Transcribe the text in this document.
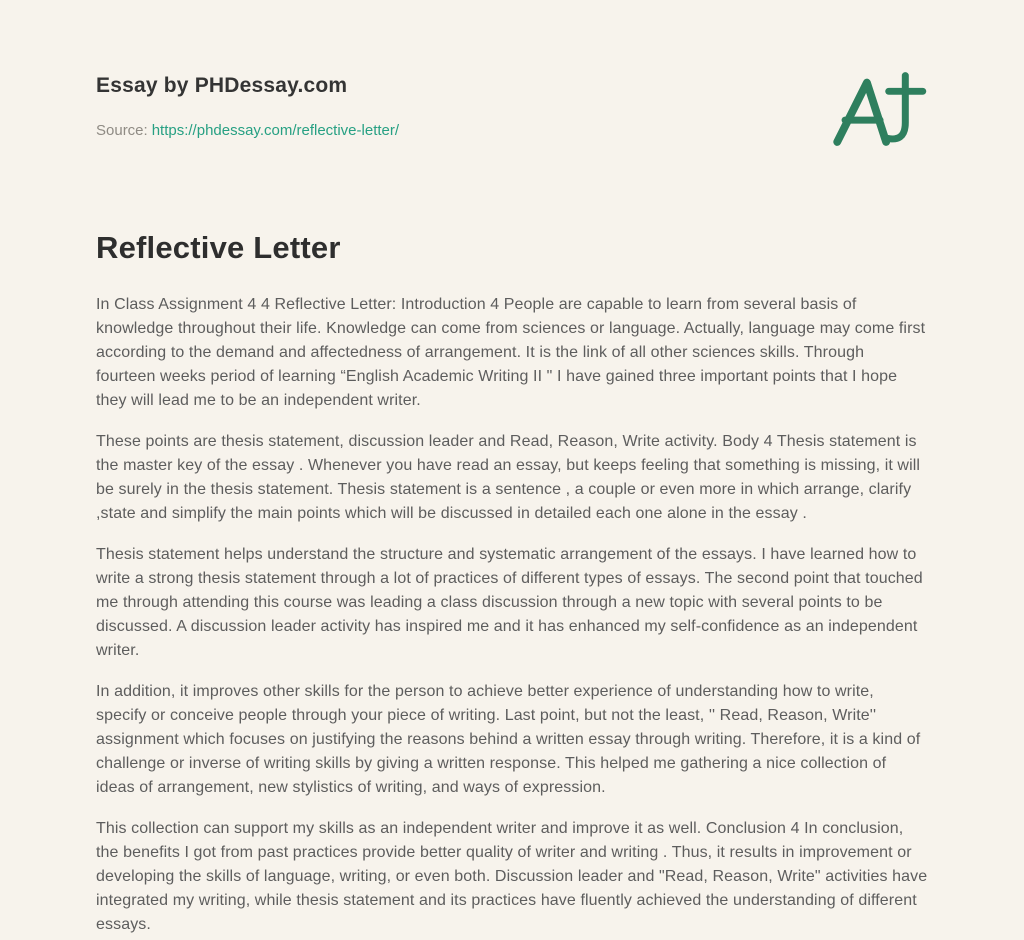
Essay by PHDessay.com

Source: https://phdessay.com/reflective-letter/

Reflective Letter

In Class Assignment 4 4 Reflective Letter: Introduction 4 People are capable to learn from several basis of knowledge throughout their life. Knowledge can come from sciences or language. Actually, language may come first according to the demand and affectedness of arrangement. It is the link of all other sciences skills. Through fourteen weeks period of learning “English Academic Writing II " I have gained three important points that I hope they will lead me to be an independent writer.

These points are thesis statement, discussion leader and Read, Reason, Write activity. Body 4 Thesis statement is the master key of the essay . Whenever you have read an essay, but keeps feeling that something is missing, it will be surely in the thesis statement. Thesis statement is a sentence , a couple or even more in which arrange, clarify ,state and simplify the main points which will be discussed in detailed each one alone in the essay .

Thesis statement helps understand the structure and systematic arrangement of the essays. I have learned how to write a strong thesis statement through a lot of practices of different types of essays. The second point that touched me through attending this course was leading a class discussion through a new topic with several points to be discussed. A discussion leader activity has inspired me and it has enhanced my self-confidence as an independent writer.

In addition, it improves other skills for the person to achieve better experience of understanding how to write, specify or conceive people through your piece of writing. Last point, but not the least, '' Read, Reason, Write'' assignment which focuses on justifying the reasons behind a written essay through writing. Therefore, it is a kind of challenge or inverse of writing skills by giving a written response. This helped me gathering a nice collection of ideas of arrangement, new stylistics of writing, and ways of expression.

This collection can support my skills as an independent writer and improve it as well. Conclusion 4 In conclusion, the benefits I got from past practices provide better quality of writer and writing . Thus, it results in improvement or developing the skills of language, writing, or even both. Discussion leader and "Read, Reason, Write" activities have integrated my writing, while thesis statement and its practices have fluently achieved the understanding of different essays.
